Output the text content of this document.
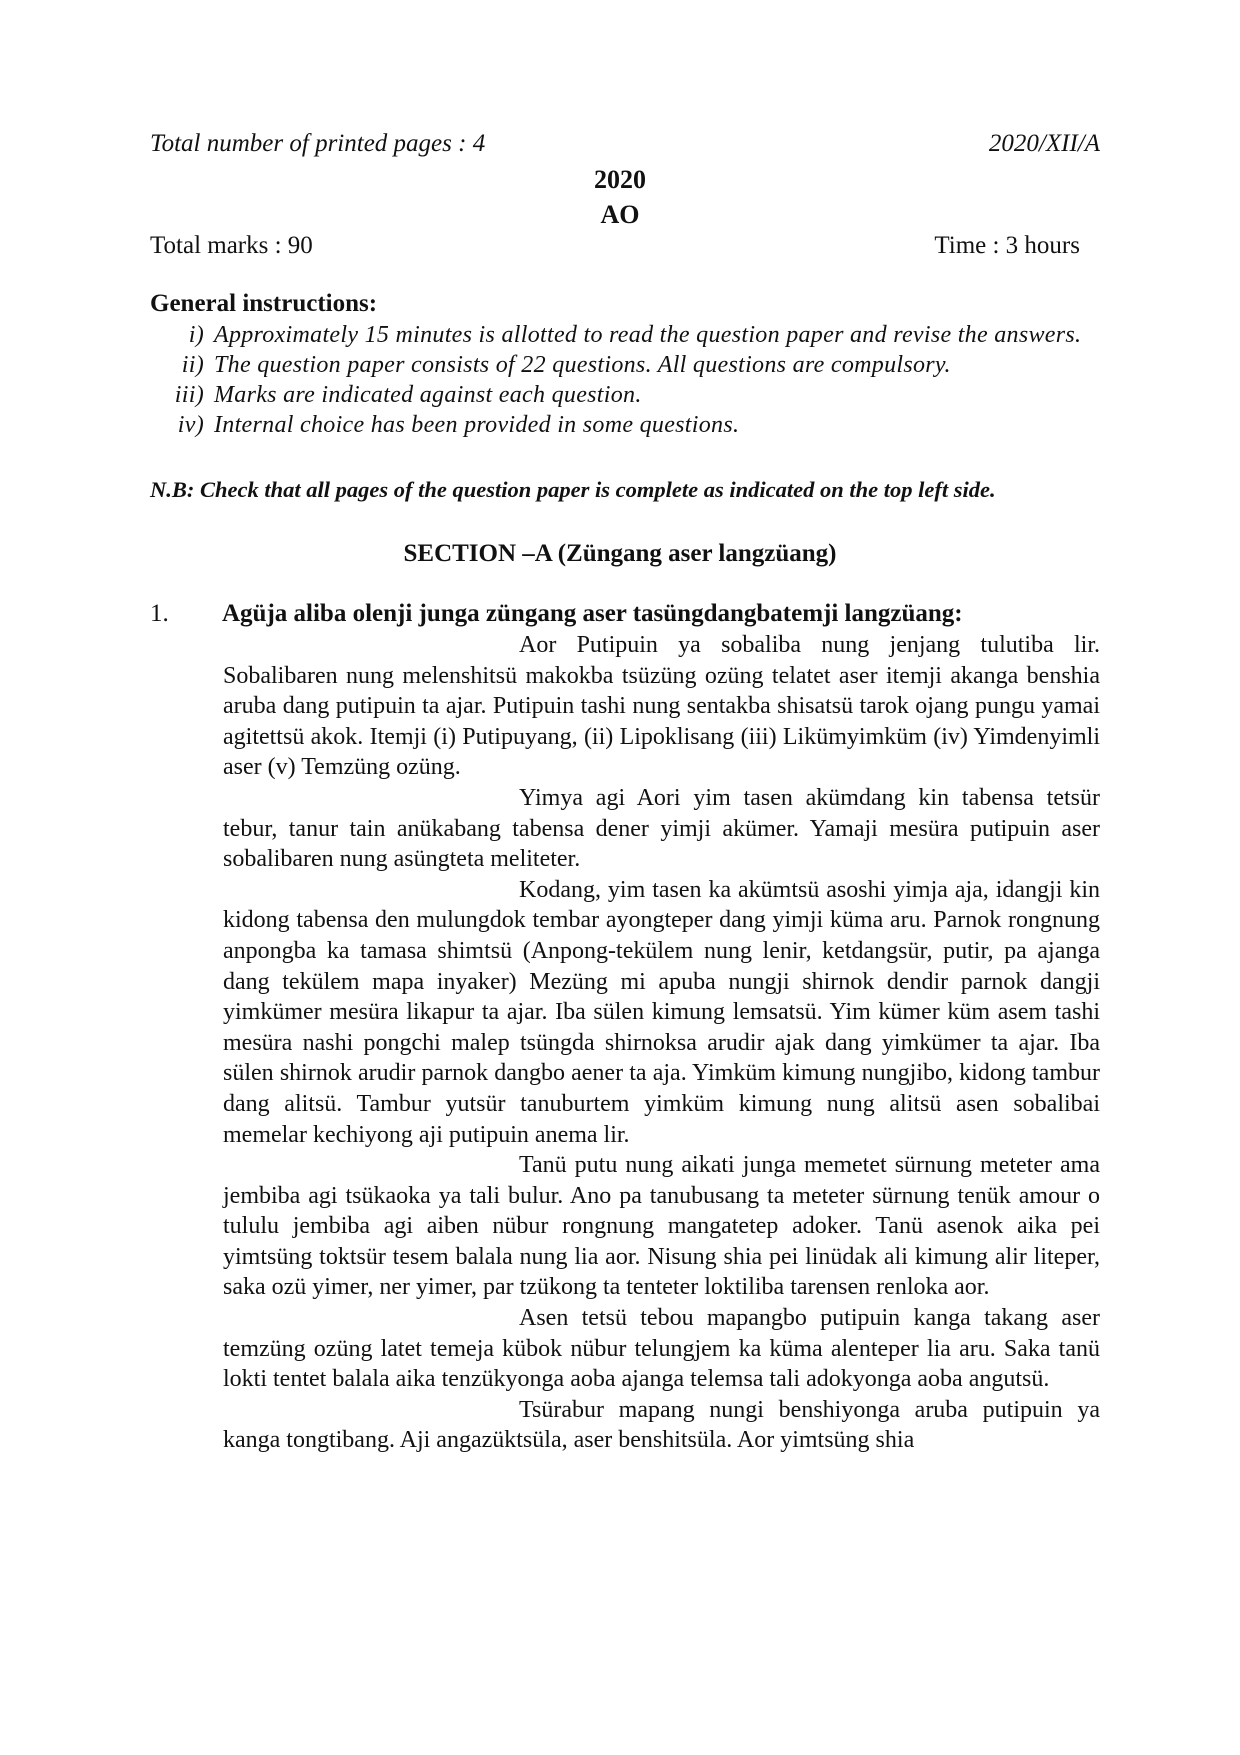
Total number of printed pages : 4	2020/XII/A
2020
AO
Total marks : 90	Time : 3 hours
General instructions:
i) Approximately 15 minutes is allotted to read the question paper and revise the answers.
ii) The question paper consists of 22 questions. All questions are compulsory.
iii) Marks are indicated against each question.
iv) Internal choice has been provided in some questions.
N.B: Check that all pages of the question paper is complete as indicated on the top left side.
SECTION –A (Züngang aser langzüang)
1. Agüja aliba olenji junga züngang aser tasüngdangbatemji langzüang:

Aor Putipuin ya sobaliba nung jenjang tulutiba lir. Sobalibaren nung melenshitsü makokba tsüzüng ozüng telatet aser itemji akanga benshia aruba dang putipuin ta ajar. Putipuin tashi nung sentakba shisatsü tarok ojang pungu yamai agitettsü akok. Itemji (i) Putipuyang, (ii) Lipoklisang (iii) Likümyimküm (iv) Yimdenyimli aser (v) Temzüng ozüng.

Yimya agi Aori yim tasen akümdang kin tabensa tetsür tebur, tanur tain anükabang tabensa dener yimji akümer. Yamaji mesüra putipuin aser sobalibaren nung asüngteta meliteter.

Kodang, yim tasen ka akümtsü asoshi yimja aja, idangji kin kidong tabensa den mulungdok tembar ayongteper dang yimji küma aru. Parnok rongnung anpongba ka tamasa shimtsü (Anpong-tekülem nung lenir, ketdangsür, putir, pa ajanga dang tekülem mapa inyaker) Mezüng mi apuba nungji shirnok dendir parnok dangji yimkümer mesüra likapur ta ajar. Iba sülen kimung lemsatsü. Yim kümer küm asem tashi mesüra nashi pongchi malep tsüngda shirnoksa arudir ajak dang yimkümer ta ajar. Iba sülen shirnok arudir parnok dangbo aener ta aja. Yimküm kimung nungjibo, kidong tambur dang alitsü. Tambur yutsür tanuburtem yimküm kimung nung alitsü asen sobalibai memelar kechiyong aji putipuin anema lir.

Tanü putu nung aikati junga memetet sürnung meteter ama jembiba agi tsükaoka ya tali bulur. Ano pa tanubusang ta meteter sürnung tenük amour o tululu jembiba agi aiben nübur rongnung mangatetep adoker. Tanü asenok aika pei yimtsüng toktsür tesem balala nung lia aor. Nisung shia pei linüdak ali kimung alir liteper, saka ozü yimer, ner yimer, par tzükong ta tenteter loktiliba tarensen renloka aor.

Asen tetsü tebou mapangbo putipuin kanga takang aser temzüng ozüng latet temeja kübok nübur telungjem ka küma alenteper lia aru. Saka tanü lokti tentet balala aika tenzükyonga aoba ajanga telemsa tali adokyonga aoba angutsü.

Tsürabur mapang nungi benshiyonga aruba putipuin ya kanga tongtibang. Aji angazüktsüla, aser benshitsüla. Aor yimtsüng shia
